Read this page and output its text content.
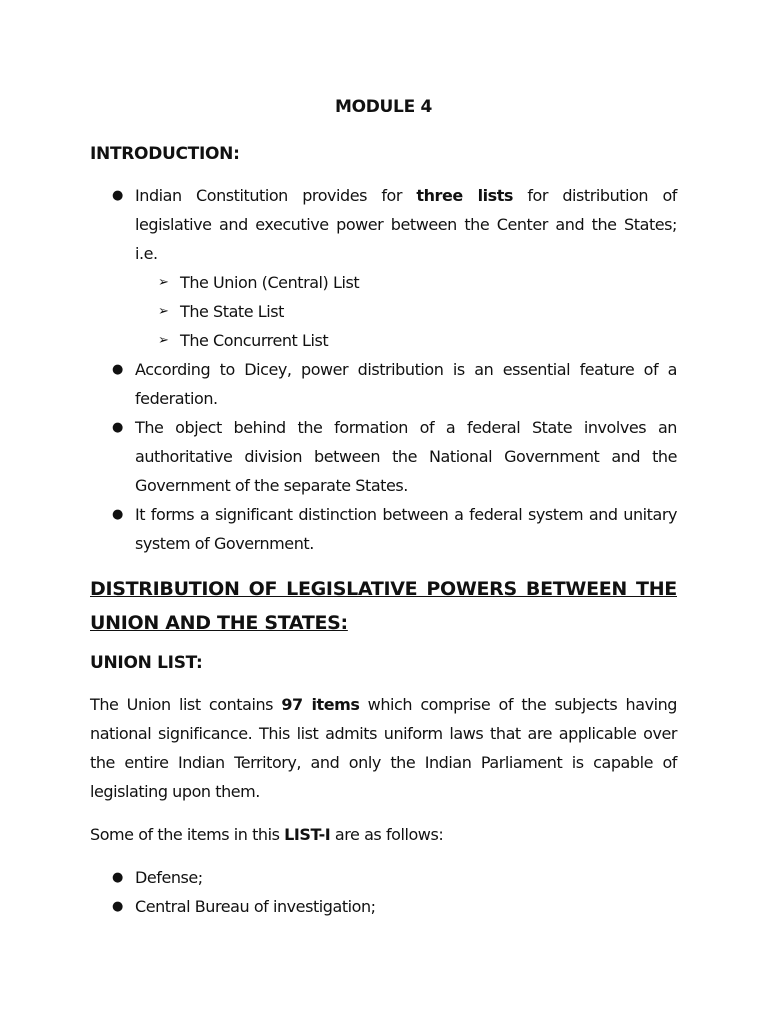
MODULE 4
INTRODUCTION:
● Indian Constitution provides for three lists for distribution of legislative and executive power between the Center and the States; i.e.
➢ The Union (Central) List
➢ The State List
➢ The Concurrent List
● According to Dicey, power distribution is an essential feature of a federation.
● The object behind the formation of a federal State involves an authoritative division between the National Government and the Government of the separate States.
● It forms a significant distinction between a federal system and unitary system of Government.
DISTRIBUTION OF LEGISLATIVE POWERS BETWEEN THE UNION AND THE STATES:
UNION LIST:

The Union list contains 97 items which comprise of the subjects having national significance. This list admits uniform laws that are applicable over the entire Indian Territory, and only the Indian Parliament is capable of legislating upon them.

Some of the items in this LIST-I are as follows:

● Defense;
● Central Bureau of investigation;
